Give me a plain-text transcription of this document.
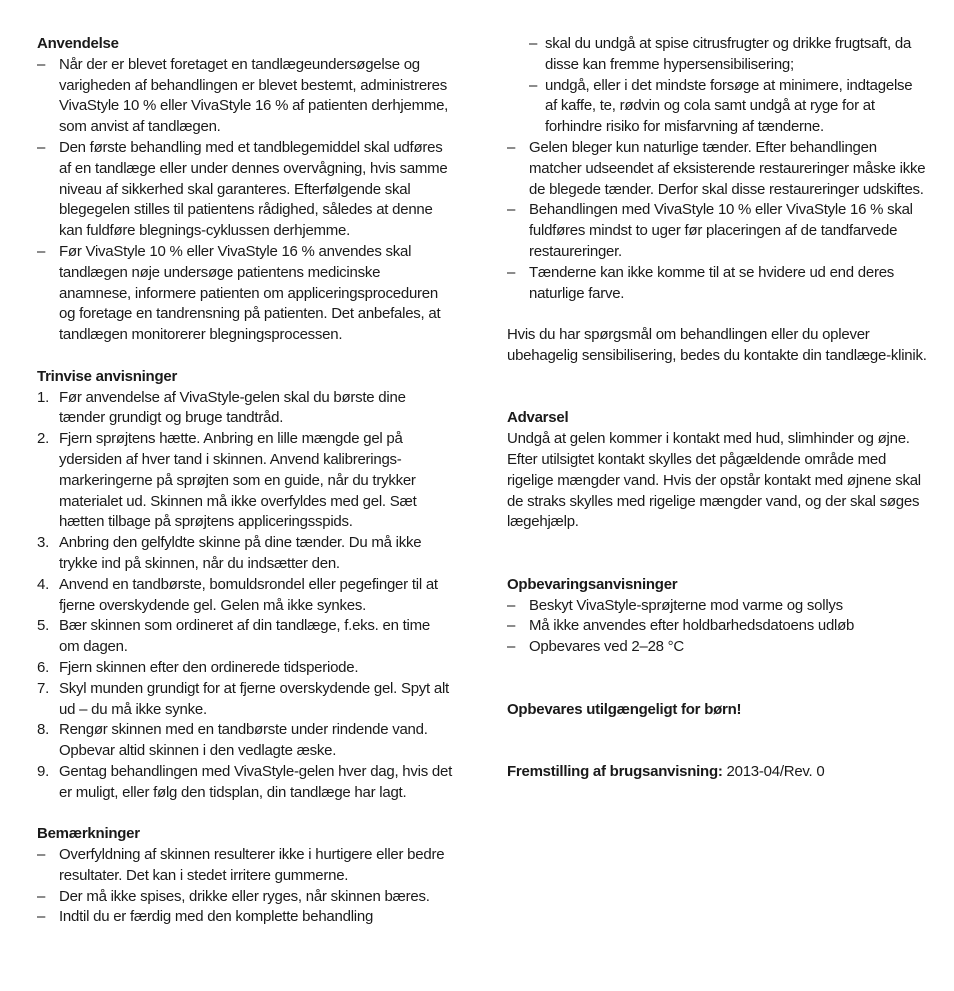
Anvendelse

– Når der er blevet foretaget en tandlægeundersøgelse og varigheden af behandlingen er blevet bestemt, administreres VivaStyle 10 % eller VivaStyle 16 % af patienten derhjemme, som anvist af tandlægen.
– Den første behandling med et tandblegemiddel skal udføres af en tandlæge eller under dennes overvågning, hvis samme niveau af sikkerhed skal garanteres. Efterfølgende skal blegegelen stilles til patientens rådighed, således at denne kan fuldføre blegnings-cyklussen derhjemme.
– Før VivaStyle 10 % eller VivaStyle 16 % anvendes skal tandlægen nøje undersøge patientens medicinske anamnese, informere patienten om appliceringsproceduren og foretage en tandrensning på patienten. Det anbefales, at tandlægen monitorerer blegningsprocessen.

Trinvise anvisninger

1. Før anvendelse af VivaStyle-gelen skal du børste dine tænder grundigt og bruge tandtråd.
2. Fjern sprøjtens hætte. Anbring en lille mængde gel på ydersiden af hver tand i skinnen. Anvend kalibrerings-markeringerne på sprøjten som en guide, når du trykker materialet ud. Skinnen må ikke overfyldes med gel. Sæt hætten tilbage på sprøjtens appliceringsspids.
3. Anbring den gelfyldte skinne på dine tænder. Du må ikke trykke ind på skinnen, når du indsætter den.
4. Anvend en tandbørste, bomuldsrondel eller pegefinger til at fjerne overskydende gel. Gelen må ikke synkes.
5. Bær skinnen som ordineret af din tandlæge, f.eks. en time om dagen.
6. Fjern skinnen efter den ordinerede tidsperiode.
7. Skyl munden grundigt for at fjerne overskydende gel. Spyt alt ud – du må ikke synke.
8. Rengør skinnen med en tandbørste under rindende vand. Opbevar altid skinnen i den vedlagte æske.
9. Gentag behandlingen med VivaStyle-gelen hver dag, hvis det er muligt, eller følg den tidsplan, din tandlæge har lagt.

Bemærkninger

– Overfyldning af skinnen resulterer ikke i hurtigere eller bedre resultater. Det kan i stedet irritere gummerne.
– Der må ikke spises, drikke eller ryges, når skinnen bæres.
– Indtil du er færdig med den komplette behandling
– skal du undgå at spise citrusfrugter og drikke frugtsaft, da disse kan fremme hypersensibilisering;
– undgå, eller i det mindste forsøge at minimere, indtagelse af kaffe, te, rødvin og cola samt undgå at ryge for at forhindre risiko for misfarvning af tænderne.
– Gelen bleger kun naturlige tænder. Efter behandlingen matcher udseendet af eksisterende restaureringer måske ikke de blegede tænder. Derfor skal disse restaureringer udskiftes.
– Behandlingen med VivaStyle 10 % eller VivaStyle 16 % skal fuldføres mindst to uger før placeringen af de tandfarvede restaureringer.
– Tænderne kan ikke komme til at se hvidere ud end deres naturlige farve.

Hvis du har spørgsmål om behandlingen eller du oplever ubehagelig sensibilisering, bedes du kontakte din tandlæge-klinik.

Advarsel

Undgå at gelen kommer i kontakt med hud, slimhinder og øjne. Efter utilsigtet kontakt skylles det pågældende område med rigelige mængder vand. Hvis der opstår kontakt med øjnene skal de straks skylles med rigelige mængder vand, og der skal søges lægehjælp.

Opbevaringsanvisninger

– Beskyt VivaStyle-sprøjterne mod varme og sollys
– Må ikke anvendes efter holdbarhedsdatoens udløb
– Opbevares ved 2–28 °C

Opbevares utilgængeligt for børn!

Fremstilling af brugsanvisning: 2013-04/Rev. 0
